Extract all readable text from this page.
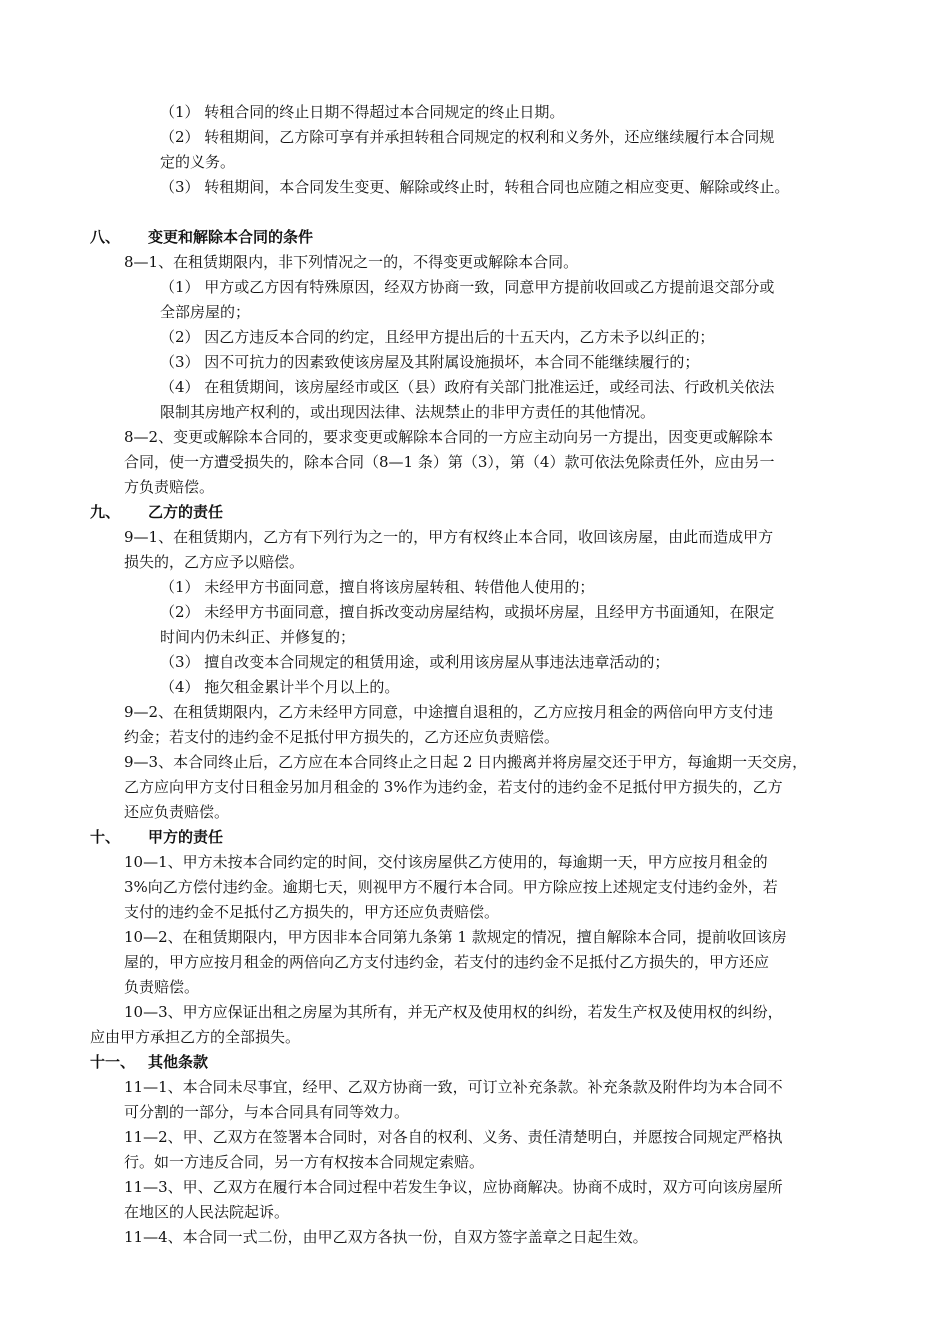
（1） 转租合同的终止日期不得超过本合同规定的终止日期。
（2） 转租期间，乙方除可享有并承担转租合同规定的权利和义务外，还应继续履行本合同规
定的义务。
（3） 转租期间，本合同发生变更、解除或终止时，转租合同也应随之相应变更、解除或终止。
八、 变更和解除本合同的条件
8—1、在租赁期限内，非下列情况之一的，不得变更或解除本合同。
（1） 甲方或乙方因有特殊原因，经双方协商一致，同意甲方提前收回或乙方提前退交部分或
全部房屋的；
（2） 因乙方违反本合同的约定，且经甲方提出后的十五天内，乙方未予以纠正的；
（3） 因不可抗力的因素致使该房屋及其附属设施损坏，本合同不能继续履行的；
（4） 在租赁期间，该房屋经市或区（县）政府有关部门批准运迁，或经司法、行政机关依法
限制其房地产权利的，或出现因法律、法规禁止的非甲方责任的其他情况。
8—2、变更或解除本合同的，要求变更或解除本合同的一方应主动向另一方提出，因变更或解除本
合同，使一方遭受损失的，除本合同（8—1 条）第（3），第（4）款可依法免除责任外，应由另一
方负责赔偿。
九、 乙方的责任
9—1、在租赁期内，乙方有下列行为之一的，甲方有权终止本合同，收回该房屋，由此而造成甲方
损失的，乙方应予以赔偿。
（1） 未经甲方书面同意，擅自将该房屋转租、转借他人使用的；
（2） 未经甲方书面同意，擅自拆改变动房屋结构，或损坏房屋，且经甲方书面通知，在限定
时间内仍未纠正、并修复的；
（3） 擅自改变本合同规定的租赁用途，或利用该房屋从事违法违章活动的；
（4） 拖欠租金累计半个月以上的。
9—2、在租赁期限内，乙方未经甲方同意，中途擅自退租的，乙方应按月租金的两倍向甲方支付违
约金；若支付的违约金不足抵付甲方损失的，乙方还应负责赔偿。
9—3、本合同终止后，乙方应在本合同终止之日起 2 日内搬离并将房屋交还于甲方，每逾期一天交房，
乙方应向甲方支付日租金另加月租金的 3%作为违约金，若支付的违约金不足抵付甲方损失的，乙方
还应负责赔偿。
十、 甲方的责任
10—1、甲方未按本合同约定的时间，交付该房屋供乙方使用的，每逾期一天，甲方应按月租金的
3%向乙方偿付违约金。逾期七天，则视甲方不履行本合同。甲方除应按上述规定支付违约金外，若
支付的违约金不足抵付乙方损失的，甲方还应负责赔偿。
10—2、在租赁期限内，甲方因非本合同第九条第 1 款规定的情况，擅自解除本合同，提前收回该房
屋的，甲方应按月租金的两倍向乙方支付违约金，若支付的违约金不足抵付乙方损失的，甲方还应
负责赔偿。
10—3、甲方应保证出租之房屋为其所有，并无产权及使用权的纠纷，若发生产权及使用权的纠纷，
应由甲方承担乙方的全部损失。
十一、 其他条款
11—1、本合同未尽事宜，经甲、乙双方协商一致，可订立补充条款。补充条款及附件均为本合同不
可分割的一部分，与本合同具有同等效力。
11—2、甲、乙双方在签署本合同时，对各自的权利、义务、责任清楚明白，并愿按合同规定严格执
行。如一方违反合同，另一方有权按本合同规定索赔。
11—3、甲、乙双方在履行本合同过程中若发生争议，应协商解决。协商不成时，双方可向该房屋所
在地区的人民法院起诉。
11—4、本合同一式二份，由甲乙双方各执一份，自双方签字盖章之日起生效。
